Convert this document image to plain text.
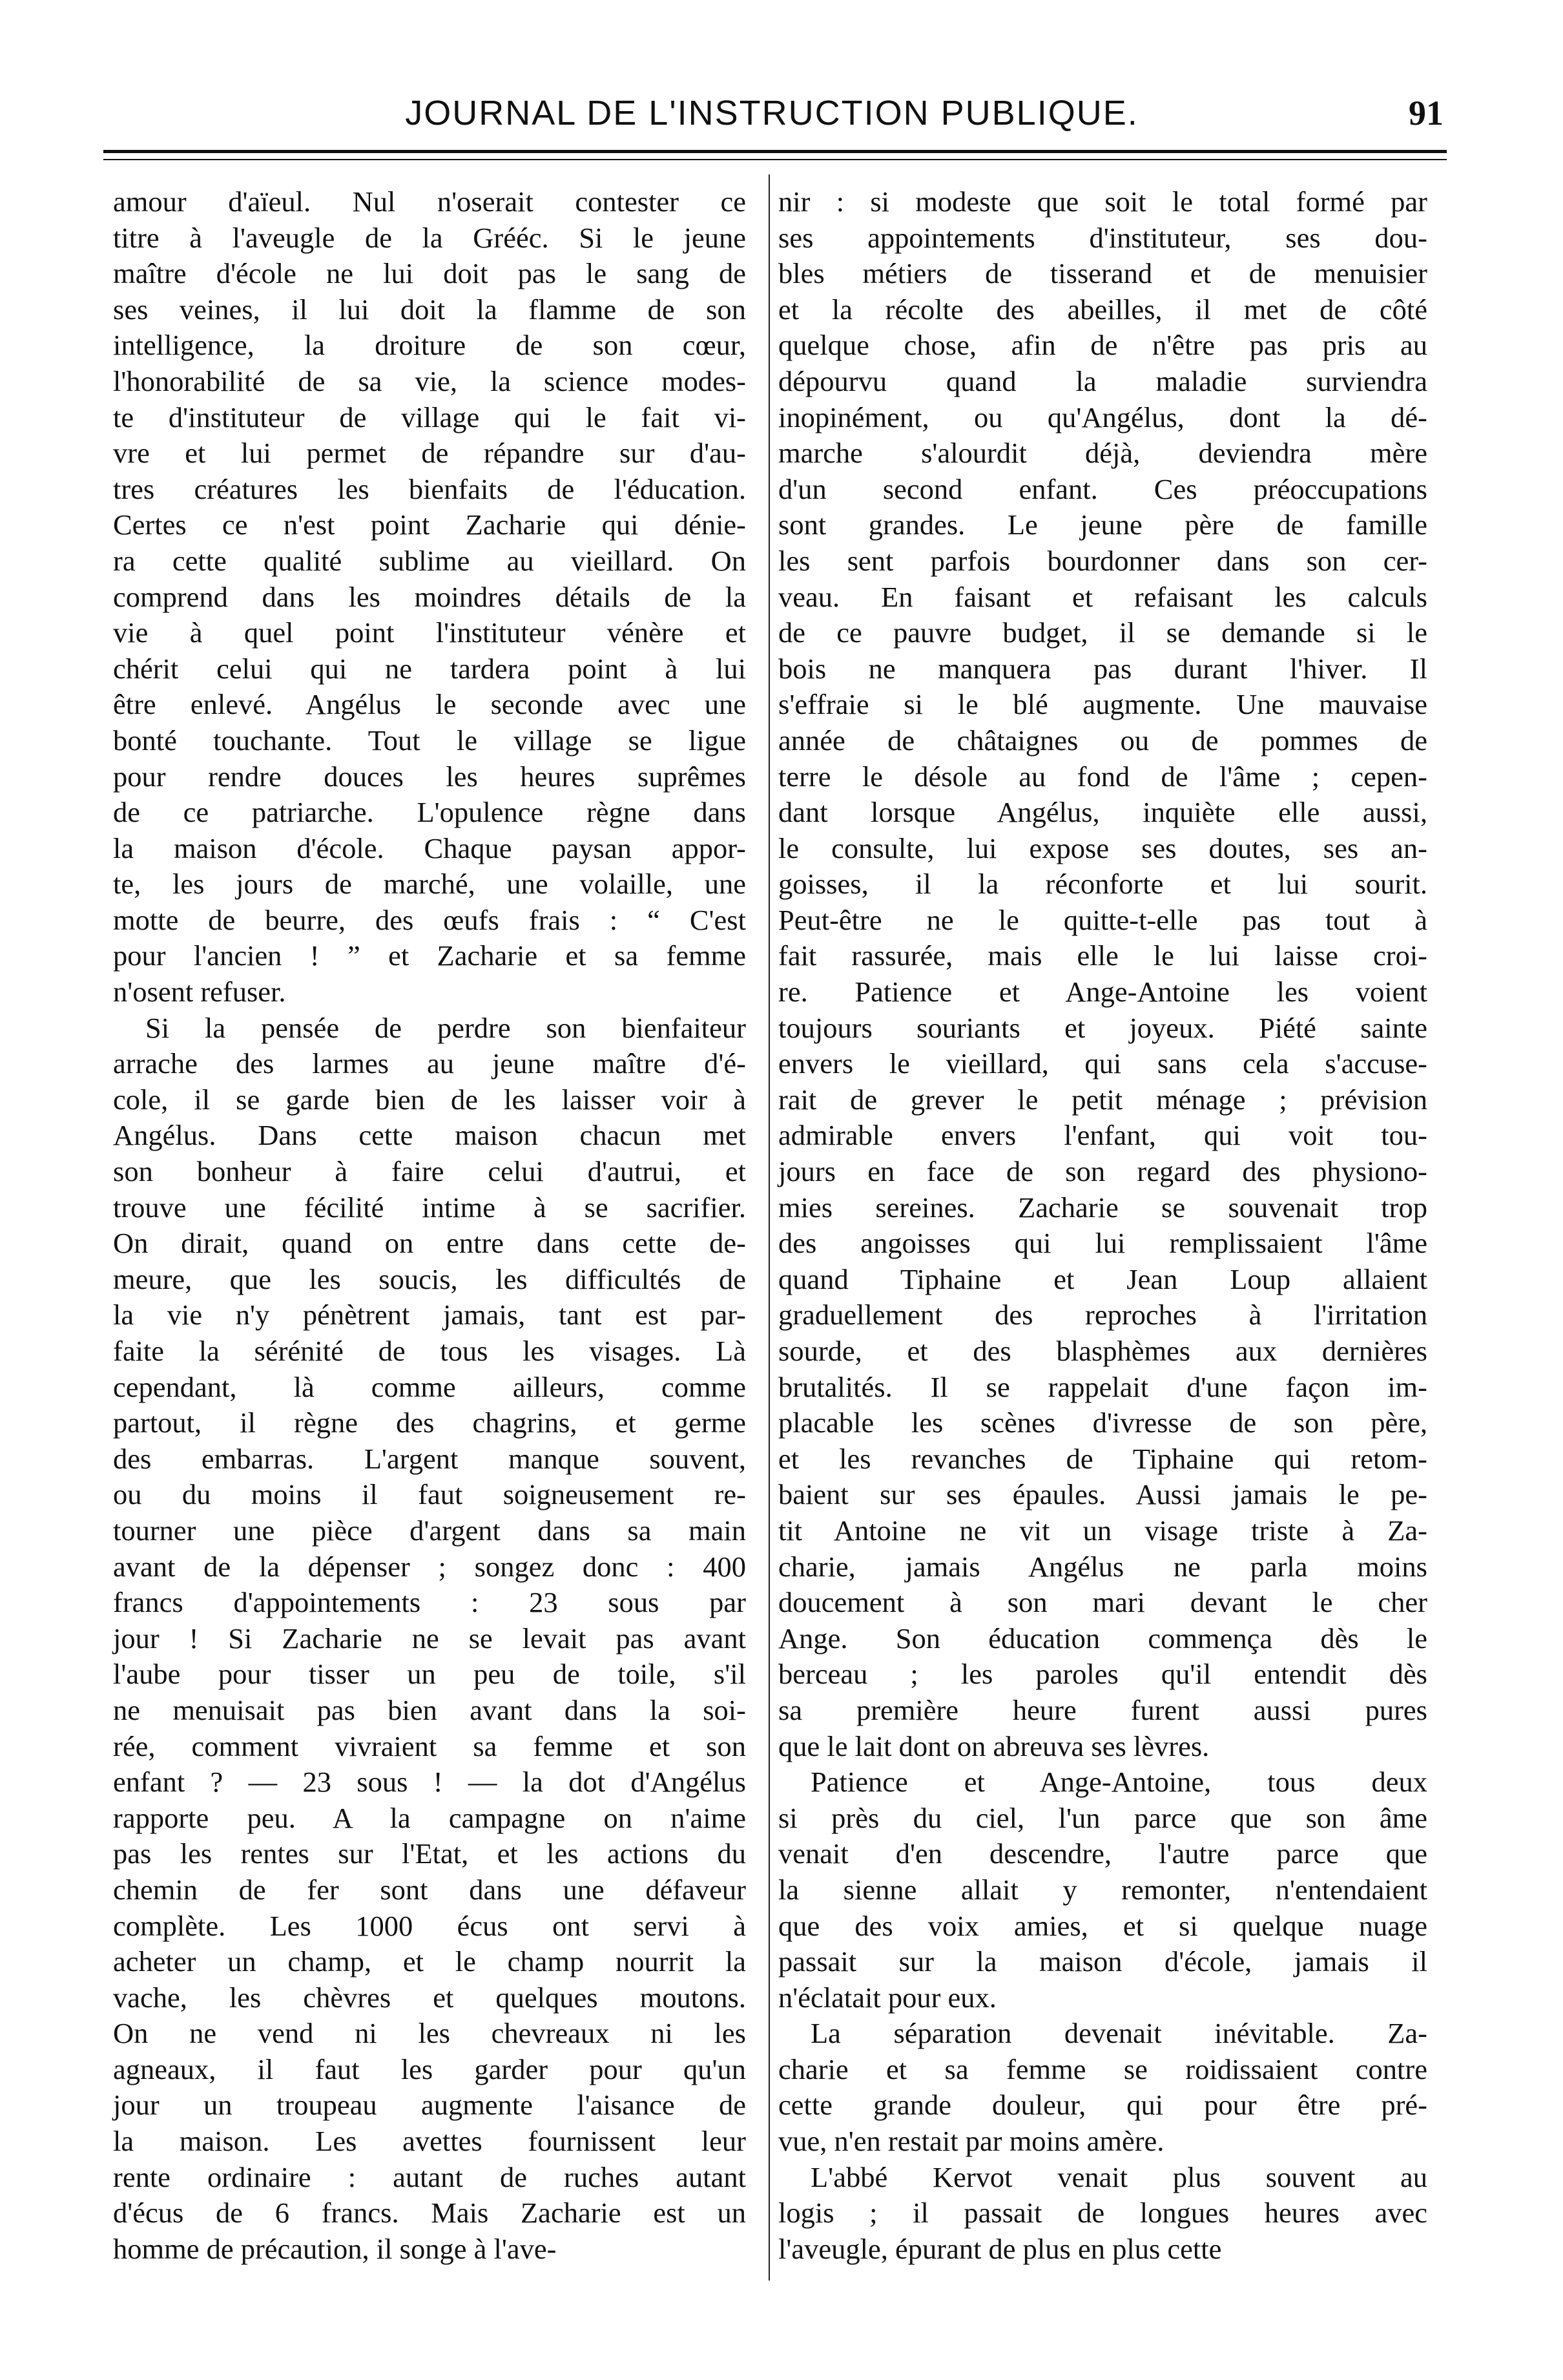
JOURNAL DE L'INSTRUCTION PUBLIQUE.	91
amour d'aïeul. Nul n'oserait contester ce
titre à l'aveugle de la Grééc. Si le jeune
maître d'école ne lui doit pas le sang de
ses veines, il lui doit la flamme de son
intelligence, la droiture de son cœur,
l'honorabilité de sa vie, la science modes-
te d'instituteur de village qui le fait vi-
vre et lui permet de répandre sur d'au-
tres créatures les bienfaits de l'éducation.
Certes ce n'est point Zacharie qui dénie-
ra cette qualité sublime au vieillard. On
comprend dans les moindres détails de la
vie à quel point l'instituteur vénère et
chérit celui qui ne tardera point à lui
être enlevé. Angélus le seconde avec une
bonté touchante. Tout le village se ligue
pour rendre douces les heures suprêmes
de ce patriarche. L'opulence règne dans
la maison d'école. Chaque paysan appor-
te, les jours de marché, une volaille, une
motte de beurre, des œufs frais : “ C'est
pour l'ancien ! ” et Zacharie et sa femme
n'osent refuser.
Si la pensée de perdre son bienfaiteur
arrache des larmes au jeune maître d'é-
cole, il se garde bien de les laisser voir à
Angélus. Dans cette maison chacun met
son bonheur à faire celui d'autrui, et
trouve une fécilité intime à se sacrifier.
On dirait, quand on entre dans cette de-
meure, que les soucis, les difficultés de
la vie n'y pénètrent jamais, tant est par-
faite la sérénité de tous les visages. Là
cependant, là comme ailleurs, comme
partout, il règne des chagrins, et germe
des embarras. L'argent manque souvent,
ou du moins il faut soigneusement re-
tourner une pièce d'argent dans sa main
avant de la dépenser ; songez donc : 400
francs d'appointements : 23 sous par
jour ! Si Zacharie ne se levait pas avant
l'aube pour tisser un peu de toile, s'il
ne menuisait pas bien avant dans la soi-
rée, comment vivraient sa femme et son
enfant ? — 23 sous ! — la dot d'Angélus
rapporte peu. A la campagne on n'aime
pas les rentes sur l'Etat, et les actions du
chemin de fer sont dans une défaveur
complète. Les 1000 écus ont servi à
acheter un champ, et le champ nourrit la
vache, les chèvres et quelques moutons.
On ne vend ni les chevreaux ni les
agneaux, il faut les garder pour qu'un
jour un troupeau augmente l'aisance de
la maison. Les avettes fournissent leur
rente ordinaire : autant de ruches autant
d'écus de 6 francs. Mais Zacharie est un
homme de précaution, il songe à l'ave-
nir : si modeste que soit le total formé par
ses appointements d'instituteur, ses dou-
bles métiers de tisserand et de menuisier
et la récolte des abeilles, il met de côté
quelque chose, afin de n'être pas pris au
dépourvu quand la maladie surviendra
inopinément, ou qu'Angélus, dont la dé-
marche s'alourdit déjà, deviendra mère
d'un second enfant. Ces préoccupations
sont grandes. Le jeune père de famille
les sent parfois bourdonner dans son cer-
veau. En faisant et refaisant les calculs
de ce pauvre budget, il se demande si le
bois ne manquera pas durant l'hiver. Il
s'effraie si le blé augmente. Une mauvaise
année de châtaignes ou de pommes de
terre le désole au fond de l'âme ; cepen-
dant lorsque Angélus, inquiète elle aussi,
le consulte, lui expose ses doutes, ses an-
goisses, il la réconforte et lui sourit.
Peut-être ne le quitte-t-elle pas tout à
fait rassurée, mais elle le lui laisse croi-
re. Patience et Ange-Antoine les voient
toujours souriants et joyeux. Piété sainte
envers le vieillard, qui sans cela s'accuse-
rait de grever le petit ménage ; prévision
admirable envers l'enfant, qui voit tou-
jours en face de son regard des physiono-
mies sereines. Zacharie se souvenait trop
des angoisses qui lui remplissaient l'âme
quand Tiphaine et Jean Loup allaient
graduellement des reproches à l'irritation
sourde, et des blasphèmes aux dernières
brutalités. Il se rappelait d'une façon im-
placable les scènes d'ivresse de son père,
et les revanches de Tiphaine qui retom-
baient sur ses épaules. Aussi jamais le pe-
tit Antoine ne vit un visage triste à Za-
charie, jamais Angélus ne parla moins
doucement à son mari devant le cher
Ange. Son éducation commença dès le
berceau ; les paroles qu'il entendit dès
sa première heure furent aussi pures
que le lait dont on abreuva ses lèvres.
Patience et Ange-Antoine, tous deux
si près du ciel, l'un parce que son âme
venait d'en descendre, l'autre parce que
la sienne allait y remonter, n'entendaient
que des voix amies, et si quelque nuage
passait sur la maison d'école, jamais il
n'éclatait pour eux.
La séparation devenait inévitable. Za-
charie et sa femme se roidissaient contre
cette grande douleur, qui pour être pré-
vue, n'en restait par moins amère.
L'abbé Kervot venait plus souvent au
logis ; il passait de longues heures avec
l'aveugle, épurant de plus en plus cette
